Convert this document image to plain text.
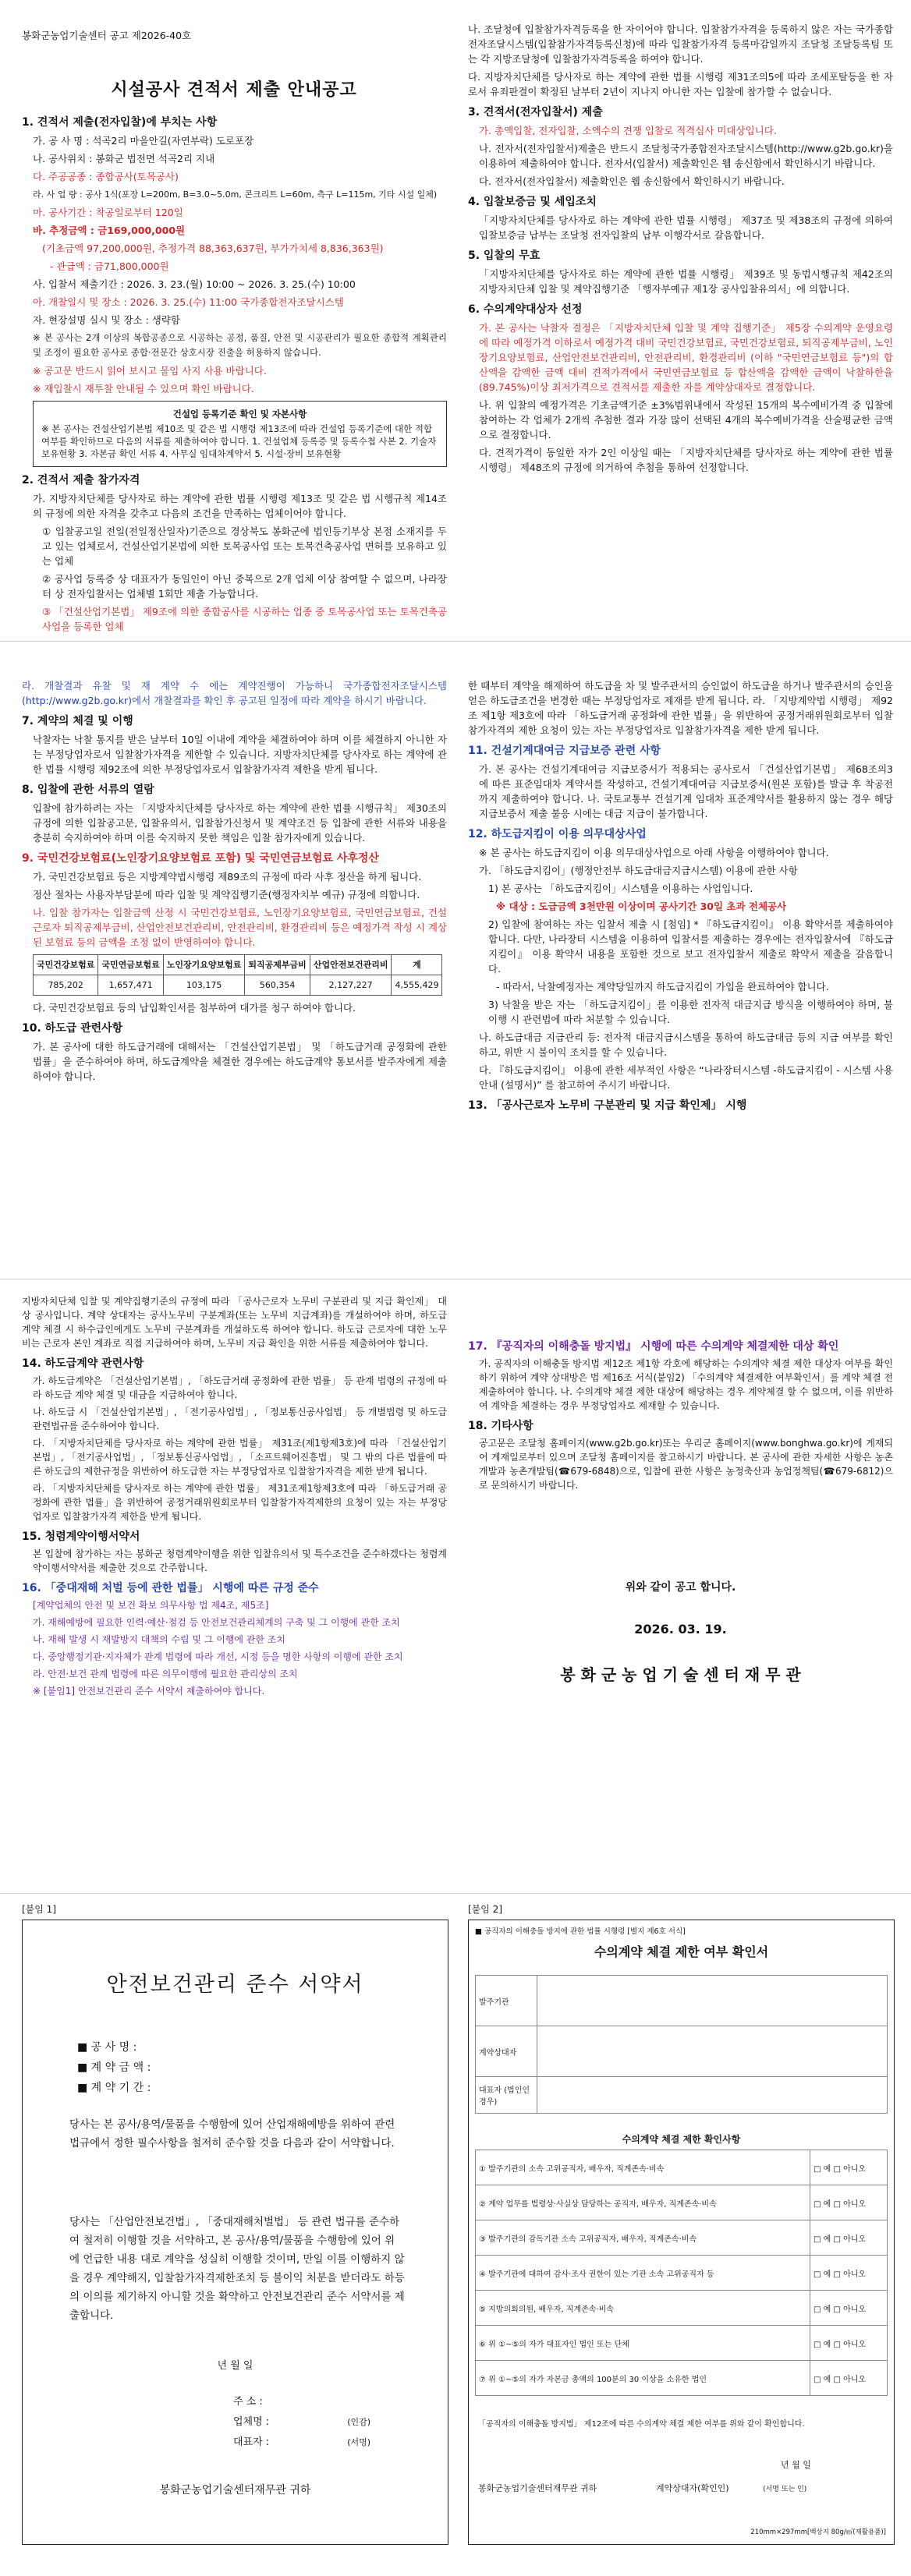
봉화군농업기술센터 공고 제2026-40호
시설공사 견적서 제출 안내공고
1. 견적서 제출(전자입찰)에 부치는 사항
가. 공 사 명 : 석곡2리 마을안길(자연부락) 도로포장
나. 공사위치 : 봉화군 법전면 석곡2리 지내
다. 주공공종 : 종합공사(토목공사)
라. 사 업 량 : 공사 1식(포장 L=200m, B=3.0~5.0m, 콘크리트 L=60m, 측구 L=115m, 기타 시설 일체)
마. 공사기간 : 착공일로부터 120일
바. 추정금액 : 금169,000,000원
(기초금액 97,200,000원, 추정가격 88,363,637원, 부가가치세 8,836,363원)
- 관급액 : 금71,800,000원
사. 입찰서 제출기간 : 2026. 3. 23.(월) 10:00 ~ 2026. 3. 25.(수) 10:00
아. 개찰일시 및 장소 : 2026. 3. 25.(수) 11:00 국가종합전자조달시스템
자. 현장설명 실시 및 장소 : 생략함
※ 본 공사는 2개 이상의 복합공종으로 시공하는 공정, 품질, 안전 및 시공관리가 필요한 종합적 계획관리 및 조정이 필요한 공사로 종합·전문간 상호시장 진출을 허용하지 않습니다.
※ 공고문 반드시 읽어 보시고 물임 사지 사용 바랍니다.
※ 재입찰시 재투찰 안내될 수 있으며 확인 바랍니다.
건설업 등록기준 확인 및 자본사항
※ 본 공사는 건설산업기본법 제10조 및 같은 법 시행령 제13조에 따라 건설업 등록기준에 대한 적합 여부를 확인하므로 다음의 서류를 제출하여야 합니다. 1. 건설업체 등록증 및 등록수첩 사본 2. 기술자 보유현황 3. 자본금 확인 서류 4. 사무실 임대차계약서 5. 시설·장비 보유현황
2. 견적서 제출 참가자격
가. 지방자치단체를 당사자로 하는 계약에 관한 법률 시행령 제13조 및 같은 법 시행규칙 제14조의 규정에 의한 자격을 갖추고 다음의 조건을 만족하는 업체이어야 합니다.
① 입찰공고일 전일(전일정산일자)기준으로 경상북도 봉화군에 법인등기부상 본점 소재지를 두고 있는 업체로서, 건설산업기본법에 의한 토목공사업 또는 토목건축공사업 면허를 보유하고 있는 업체
② 공사업 등록증 상 대표자가 동일인이 아닌 중복으로 2개 업체 이상 참여할 수 없으며, 나라장터 상 전자입찰서는 업체별 1회만 제출 가능합니다.
③ 「건설산업기본법」 제9조에 의한 종합공사를 시공하는 업종 중 토목공사업 또는 토목건축공사업을 등록한 업체
나. 조달청에 입찰참가자격등록을 한 자이어야 합니다. 입찰참가자격을 등록하지 않은 자는 국가종합전자조달시스템(입찰참가자격등록신청)에 따라 입찰참가자격 등록마감일까지 조달청 조달등록팀 또는 각 지방조달청에 입찰참가자격등록을 하여야 합니다.
다. 지방자치단체를 당사자로 하는 계약에 관한 법률 시행령 제31조의5에 따라 조세포탈등을 한 자로서 유죄판결이 확정된 날부터 2년이 지나지 아니한 자는 입찰에 참가할 수 없습니다.
3. 견적서(전자입찰서) 제출
가. 총액입찰, 전자입찰, 소액수의 견쟁 입찰로 적격심사 미대상입니다.
나. 전자서(전자입찰서)제출은 반드시 조달청국가종합전자조달시스템(http://www.g2b.go.kr)을 이용하여 제출하여야 합니다. 전자서(입찰서) 제출확인은 웹 송신함에서 확인하시기 바랍니다.
다. 전자서(전자입찰서) 제출확인은 웹 송신함에서 확인하시기 바랍니다.
4. 입찰보증금 및 세입조치
「지방자치단체를 당사자로 하는 계약에 관한 법률 시행령」 제37조 및 제38조의 규정에 의하여 입찰보증금 납부는 조달청 전자입찰의 납부 이행각서로 갈음합니다.
5. 입찰의 무효
「지방자치단체를 당사자로 하는 계약에 관한 법률 시행령」 제39조 및 동법시행규칙 제42조의 지방자치단체 입찰 및 계약집행기준 「행자부예규 제1장 공사입찰유의서」에 의합니다.
6. 수의계약대상자 선정
가. 본 공사는 낙찰자 결정은 「지방자치단체 입찰 및 계약 집행기준」 제5장 수의계약 운영요령에 따라 예정가격 이하로서 예정가격 대비 국민건강보험료, 국민건강보험료, 퇴직공제부금비, 노인장기요양보험료, 산업안전보건관리비, 안전관리비, 환경관리비 (이하 "국민연금보험료 등")의 합산액을 감액한 금액 대비 견적가격에서 국민연금보험료 등 합산액을 감액한 금액이 낙찰하한율(89.745%)이상 최저가격으로 견적서를 제출한 자를 계약상대자로 결정합니다.
나. 위 입찰의 예정가격은 기초금액기준 ±3%범위내에서 작성된 15개의 복수예비가격 중 입찰에 참여하는 각 업체가 2개씩 추첨한 결과 가장 많이 선택된 4개의 복수예비가격을 산술평균한 금액으로 결정합니다.
다. 견적가격이 동일한 자가 2인 이상일 때는 「지방자치단체를 당사자로 하는 계약에 관한 법률 시행령」 제48조의 규정에 의거하여 추첨을 통하여 선정합니다.
라. 개찰결과 유찰 및 재 계약 수 에는 계약진행이 가능하니 국가종합전자조달시스템(http://www.g2b.go.kr)에서 개찰결과를 확인 후 공고된 일정에 따라 계약을 하시기 바랍니다.
7. 계약의 체결 및 이행
낙찰자는 낙찰 통지를 받은 날부터 10일 이내에 계약을 체결하여야 하며 이를 체결하지 아니한 자는 부정당업자로서 입찰참가자격을 제한할 수 있습니다. 지방자치단체를 당사자로 하는 계약에 관한 법률 시행령 제92조에 의한 부정당업자로서 입찰참가자격 제한을 받게 됩니다.
8. 입찰에 관한 서류의 열람
입찰에 참가하려는 자는 「지방자치단체를 당사자로 하는 계약에 관한 법률 시행규칙」 제30조의 규정에 의한 입찰공고문, 입찰유의서, 입찰참가신청서 및 계약조건 등 입찰에 관한 서류와 내용을 충분히 숙지하여야 하며 이를 숙지하지 못한 책임은 입찰 참가자에게 있습니다.
9. 국민건강보험료(노인장기요양보험료 포함) 및 국민연금보험료 사후정산
가. 국민건강보험료 등은 지방계약법시행령 제89조의 규정에 따라 사후 정산을 하게 됩니다.
정산 절차는 사용자부담분에 따라 입찰 및 계약집행기준(행정자치부 예규) 규정에 의합니다.
나. 입찰 참가자는 입찰금액 산정 시 국민건강보험료, 노인장기요양보험료, 국민연금보험료, 건설근로자 퇴직공제부금비, 산업안전보건관리비, 안전관리비, 환경관리비 등은 예정가격 작성 시 계상된 보험료 등의 금액을 조정 없이 반영하여야 합니다.
국민건강보험료	국민연금보험료	노인장기요양보험료	퇴직공제부금비	산업안전보건관리비	계
785,202	1,657,471	103,175	560,354	2,127,227	4,555,429
다. 국민건강보험료 등의 납입확인서를 첨부하여 대가를 청구 하여야 합니다.
10. 하도급 관련사항
가. 본 공사에 대한 하도급거래에 대해서는 「건설산업기본법」 및 「하도급거래 공정화에 관한 법률」을 준수하여야 하며, 하도급계약을 체결한 경우에는 하도급계약 통보서를 발주자에게 제출하여야 합니다.
한 때부터 계약을 해제하여 하도급을 차 및 발주관서의 승인없이 하도급을 하거나 발주관서의 승인을 얻은 하도급조건을 변경한 때는 부정당업자로 제재를 받게 됩니다. 라. 「지방계약법 시행령」 제92조 제1항 제3호에 따라 「하도급거래 공정화에 관한 법률」을 위반하여 공정거래위원회로부터 입찰참가자격의 제한 요청이 있는 자는 부정당업자로 입찰참가자격을 제한 받게 됩니다.
11. 건설기계대여금 지급보증 관련 사항
가. 본 공사는 건설기계대여금 지급보증서가 적용되는 공사로서 「건설산업기본법」 제68조의3에 따른 표준임대차 계약서를 작성하고, 건설기계대여금 지급보증서(원본 포함)를 발급 후 착공전까지 제출하여야 합니다. 나. 국토교통부 건설기계 임대차 표준계약서를 활용하지 않는 경우 해당 지급보증서 제출 불응 시에는 대금 지급이 불가합니다.
12. 하도급지킴이 이용 의무대상사업
※ 본 공사는 하도급지킴이 이용 의무대상사업으로 아래 사항을 이행하여야 합니다.
가. 「하도급지킴이」(행정안전부 하도급대금지급시스템) 이용에 관한 사항
1) 본 공사는 「하도급지킴이」시스템을 이용하는 사업입니다.
※ 대상 : 도급금액 3천만원 이상이며 공사기간 30일 초과 전체공사
2) 입찰에 참여하는 자는 입찰서 제출 시 [첨임] * 『하도급지킴이』 이용 확약서를 제출하여야 합니다. 다만, 나라장터 시스템을 이용하여 입찰서를 제출하는 경우에는 전자입찰서에 『하도급지킴이』 이용 확약서 내용을 포함한 것으로 보고 전자입찰서 제출로 확약서 제출을 갈음합니다.
- 따라서, 낙찰예정자는 계약당일까지 하도급지킴이 가입을 완료하여야 합니다.
3) 낙찰을 받은 자는 「하도급지킴이」를 이용한 전자적 대금지급 방식을 이행하여야 하며, 불이행 시 관련법에 따라 처분할 수 있습니다.
나. 하도급대금 지급관리 등: 전자적 대금지급시스템을 통하여 하도급대금 등의 지급 여부를 확인하고, 위반 시 불이익 조치를 할 수 있습니다.
다. 『하도급지킴이』 이용에 관한 세부적인 사항은 “나라장터시스템 -하도급지킴이 - 시스템 사용안내 (설명서)” 를 참고하여 주시기 바랍니다.
13. 「공사근로자 노무비 구분관리 및 지급 확인제」 시행
지방자치단체 입찰 및 계약집행기준의 규정에 따라 「공사근로자 노무비 구분관리 및 지급 확인제」 대상 공사입니다. 계약 상대자는 공사노무비 구분계좌(또는 노무비 지급계좌)를 개설하여야 하며, 하도급 계약 체결 시 하수급인에게도 노무비 구분계좌를 개설하도록 하여야 합니다. 하도급 근로자에 대한 노무비는 근로자 본인 계좌로 직접 지급하여야 하며, 노무비 지급 확인을 위한 서류를 제출하여야 합니다.
14. 하도급계약 관련사항
가. 하도급계약은 「건설산업기본법」, 「하도급거래 공정화에 관한 법률」 등 관계 법령의 규정에 따라 하도급 계약 체결 및 대금을 지급하여야 합니다.
나. 하도급 시 「건설산업기본법」, 「전기공사업법」, 「정보통신공사업법」 등 개별법령 및 하도급 관련법규를 준수하여야 합니다.
다. 「지방자치단체를 당사자로 하는 계약에 관한 법률」 제31조(제1항제3호)에 따라 「건설산업기본법」, 「전기공사업법」, 「정보통신공사업법」, 「소프트웨어진흥법」 및 그 밖의 다른 법률에 따른 하도급의 제한규정을 위반하여 하도급한 자는 부정당업자로 입찰참가자격을 제한 받게 됩니다.
라. 「지방자치단체를 당사자로 하는 계약에 관한 법률」 제31조제1항제3호에 따라 「하도급거래 공정화에 관한 법률」을 위반하여 공정거래위원회로부터 입찰참가자격제한의 요청이 있는 자는 부정당업자로 입찰참가자격 제한을 받게 됩니다.
15. 청렴계약이행서약서
본 입찰에 참가하는 자는 봉화군 청렴계약이행을 위한 입찰유의서 및 특수조건을 준수하겠다는 청렴계약이행서약서를 제출한 것으로 간주합니다.
16. 「중대재해 처벌 등에 관한 법률」 시행에 따른 규정 준수
[계약업체의 안전 및 보건 확보 의무사항 법 제4조, 제5조]
가. 재해예방에 필요한 인력·예산·점검 등 안전보건관리체계의 구축 및 그 이행에 관한 조치
나. 재해 발생 시 재발방지 대책의 수립 및 그 이행에 관한 조치
다. 중앙행정기관·지자체가 관계 법령에 따라 개선, 시정 등을 명한 사항의 이행에 관한 조치
라. 안전·보건 관계 법령에 따른 의무이행에 필요한 관리상의 조치
※ [붙임1] 안전보건관리 준수 서약서 제출하여야 합니다.
17. 『공직자의 이해충돌 방지법』 시행에 따른 수의계약 체결제한 대상 확인
가. 공직자의 이해충돌 방지법 제12조 제1항 각호에 해당하는 수의계약 체결 제한 대상자 여부를 확인하기 위하여 계약 상대방은 법 제16조 서식(붙임2) 「수의계약 체결제한 여부확인서」를 계약 체결 전 제출하여야 합니다. 나. 수의계약 체결 제한 대상에 해당하는 경우 계약체결 할 수 없으며, 이를 위반하여 계약을 체결하는 경우 부정당업자로 제재할 수 있습니다.
18. 기타사항
공고문은 조달청 홈페이지(www.g2b.go.kr)또는 우리군 홈페이지(www.bonghwa.go.kr)에 게재되어 게재일로부터 있으며 조달청 홈페이지를 참고하시기 바랍니다. 본 공사에 관한 자세한 사항은 농촌개발과 농촌개발팀(☎679-6848)으로, 입찰에 관한 사항은 농정축산과 농업정책팀(☎679-6812)으로 문의하시기 바랍니다.
위와 같이 공고 합니다.
2026. 03. 19.
봉 화 군 농 업 기 술 센 터 재 무 관
[붙임 1]
안전보건관리 준수 서약서
■ 공 사 명 :
■ 계 약 금 액 :
■ 계 약 기 간 :
당사는 본 공사/용역/물품을 수행함에 있어 산업재해예방을 위하여 관련 법규에서 정한 필수사항을 철저히 준수할 것을 다음과 같이 서약합니다.
당사는 「산업안전보건법」, 「중대재해처벌법」 등 관련 법규를 준수하여 철저히 이행할 것을 서약하고, 본 공사/용역/물품을 수행함에 있어 위에 언급한 내용 대로 계약을 성실히 이행할 것이며, 만일 이를 이행하지 않을 경우 계약해지, 입찰참가자격제한조치 등 불이익 처분을 받더라도 하등의 이의를 제기하지 아니할 것을 확약하고 안전보건관리 준수 서약서를 제출합니다.
년 월 일
주 소 :
업체명 :	(인감)
대표자 :	(서명)
봉화군농업기술센터재무관 귀하
[붙임 2]
■ 공직자의 이해충돌 방지에 관한 법률 시행령 [별지 제6호 서식]
수의계약 체결 제한 여부 확인서
발주기관	
계약상대자	
대표자 (법인인 경우)	
수의계약 체결 제한 확인사항
① 발주기관의 소속 고위공직자, 배우자, 직계존속·비속	□ 예 □ 아니오
② 계약 업무를 법령상·사실상 담당하는 공직자, 배우자, 직계존속·비속	□ 예 □ 아니오
③ 발주기관의 감독기관 소속 고위공직자, 배우자, 직계존속·비속	□ 예 □ 아니오
④ 발주기관에 대하여 감사·조사 권한이 있는 기관 소속 고위공직자 등	□ 예 □ 아니오
⑤ 지방의회의원, 배우자, 직계존속·비속	□ 예 □ 아니오
⑥ 위 ①~⑤의 자가 대표자인 법인 또는 단체	□ 예 □ 아니오
⑦ 위 ①~⑤의 자가 자본금 총액의 100분의 30 이상을 소유한 법인	□ 예 □ 아니오
「공직자의 이해충돌 방지법」 제12조에 따른 수의계약 체결 제한 여부를 위와 같이 확인합니다.
년 월 일
계약상대자(확인인)	(서명 또는 인)
봉화군농업기술센터재무관 귀하
210mm×297mm[백상지 80g/㎡(재활용품)]
